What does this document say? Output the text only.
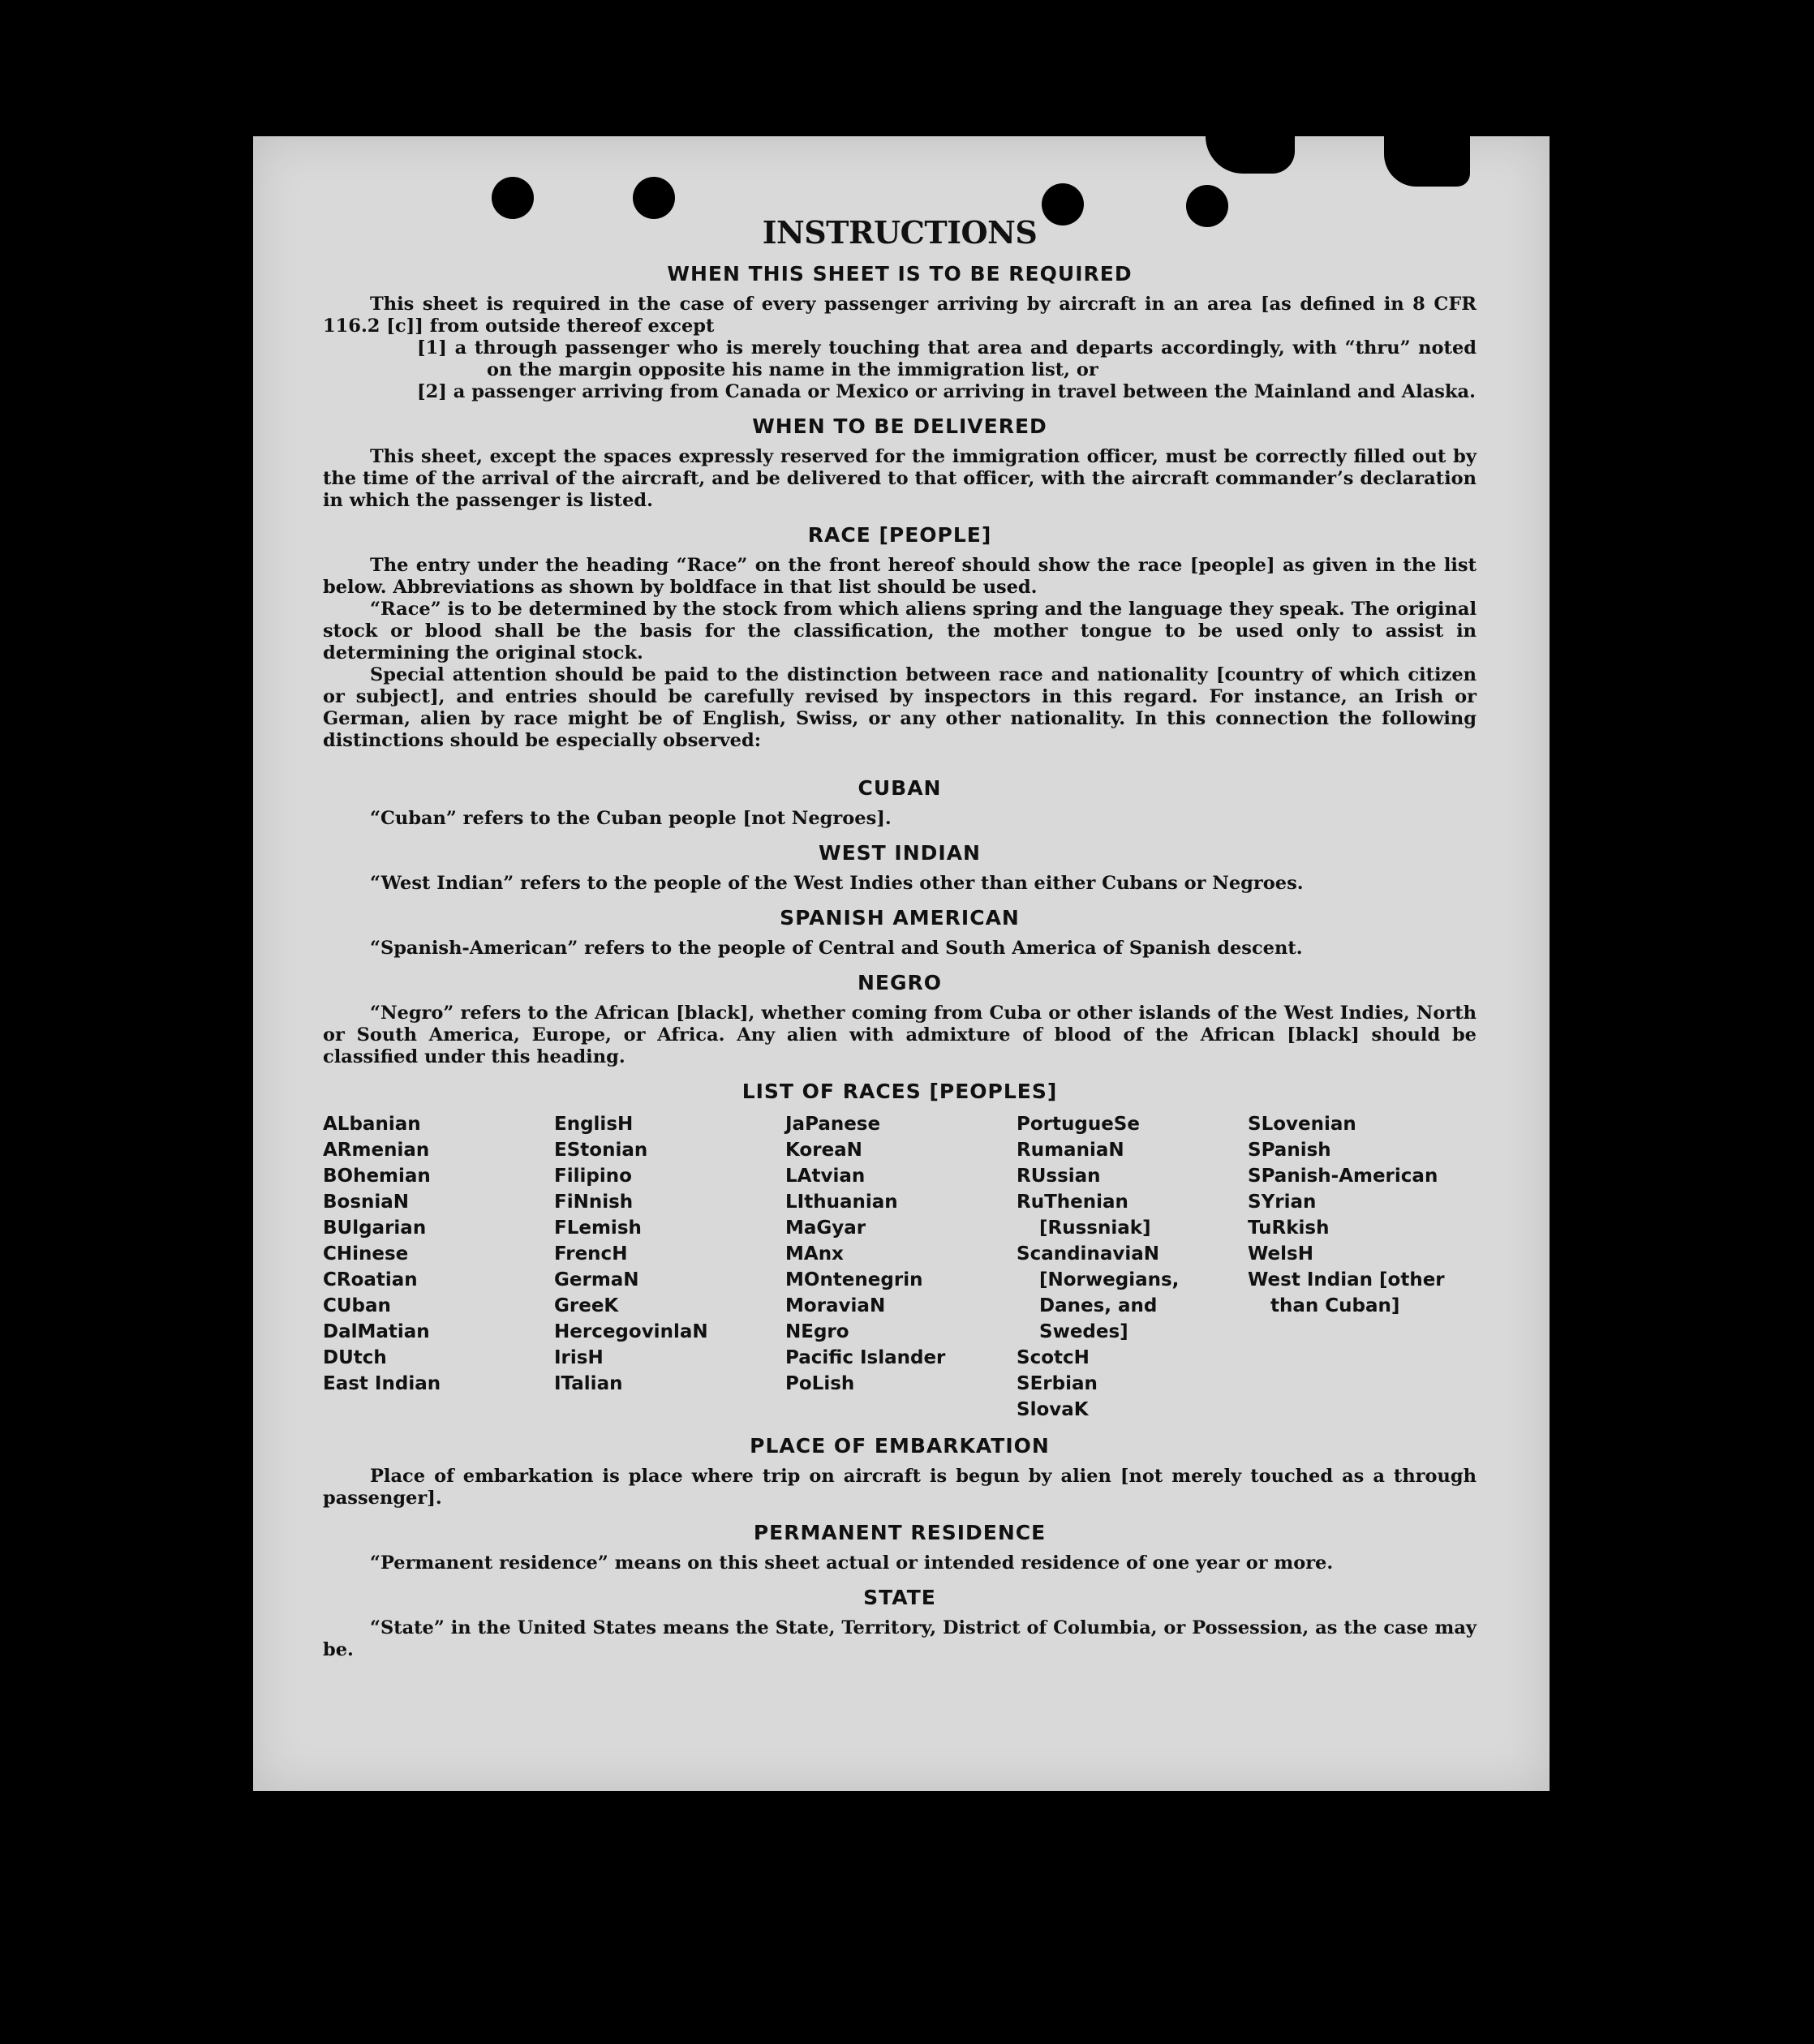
INSTRUCTIONS
WHEN THIS SHEET IS TO BE REQUIRED

This sheet is required in the case of every passenger arriving by aircraft in an area [as defined in 8 CFR 116.2 [c]] from outside thereof except

[1] a through passenger who is merely touching that area and departs accordingly, with “thru” noted on the margin opposite his name in the immigration list, or

[2] a passenger arriving from Canada or Mexico or arriving in travel between the Mainland and Alaska.

WHEN TO BE DELIVERED

This sheet, except the spaces expressly reserved for the immigration officer, must be correctly filled out by the time of the arrival of the aircraft, and be delivered to that officer, with the aircraft commander’s declaration in which the passenger is listed.

RACE [PEOPLE]

The entry under the heading “Race” on the front hereof should show the race [people] as given in the list below. Abbreviations as shown by boldface in that list should be used.

“Race” is to be determined by the stock from which aliens spring and the language they speak. The original stock or blood shall be the basis for the classification, the mother tongue to be used only to assist in determining the original stock.

Special attention should be paid to the distinction between race and nationality [country of which citizen or subject], and entries should be carefully revised by inspectors in this regard. For instance, an Irish or German, alien by race might be of English, Swiss, or any other nationality. In this connection the following distinctions should be especially observed:

CUBAN

“Cuban” refers to the Cuban people [not Negroes].

WEST INDIAN

“West Indian” refers to the people of the West Indies other than either Cubans or Negroes.

SPANISH AMERICAN

“Spanish-American” refers to the people of Central and South America of Spanish descent.

NEGRO

“Negro” refers to the African [black], whether coming from Cuba or other islands of the West Indies, North or South America, Europe, or Africa. Any alien with admixture of blood of the African [black] should be classified under this heading.

LIST OF RACES [PEOPLES]
ALbanian
ARmenian
BOhemian
BosniaN
BUlgarian
CHinese
CRoatian
CUban
DalMatian
DUtch
East Indian
EnglisH
EStonian
Filipino
FiNnish
FLemish
FrencH
GermaN
GreeK
HercegovinlaN
IrisH
ITalian
JaPanese
KoreaN
LAtvian
LIthuanian
MaGyar
MAnx
MOntenegrin
MoraviaN
NEgro
Pacific Islander
PoLish
PortugueSe
RumaniaN
RUssian
RuThenian [Russniak]
ScandinaviaN [Norwegians, Danes, and Swedes]
ScotcH
SErbian
SlovaK
SLovenian
SPanish
SPanish-American
SYrian
TuRkish
WelsH
West Indian [other than Cuban]
PLACE OF EMBARKATION

Place of embarkation is place where trip on aircraft is begun by alien [not merely touched as a through passenger].

PERMANENT RESIDENCE

“Permanent residence” means on this sheet actual or intended residence of one year or more.

STATE

“State” in the United States means the State, Territory, District of Columbia, or Possession, as the case may be.
